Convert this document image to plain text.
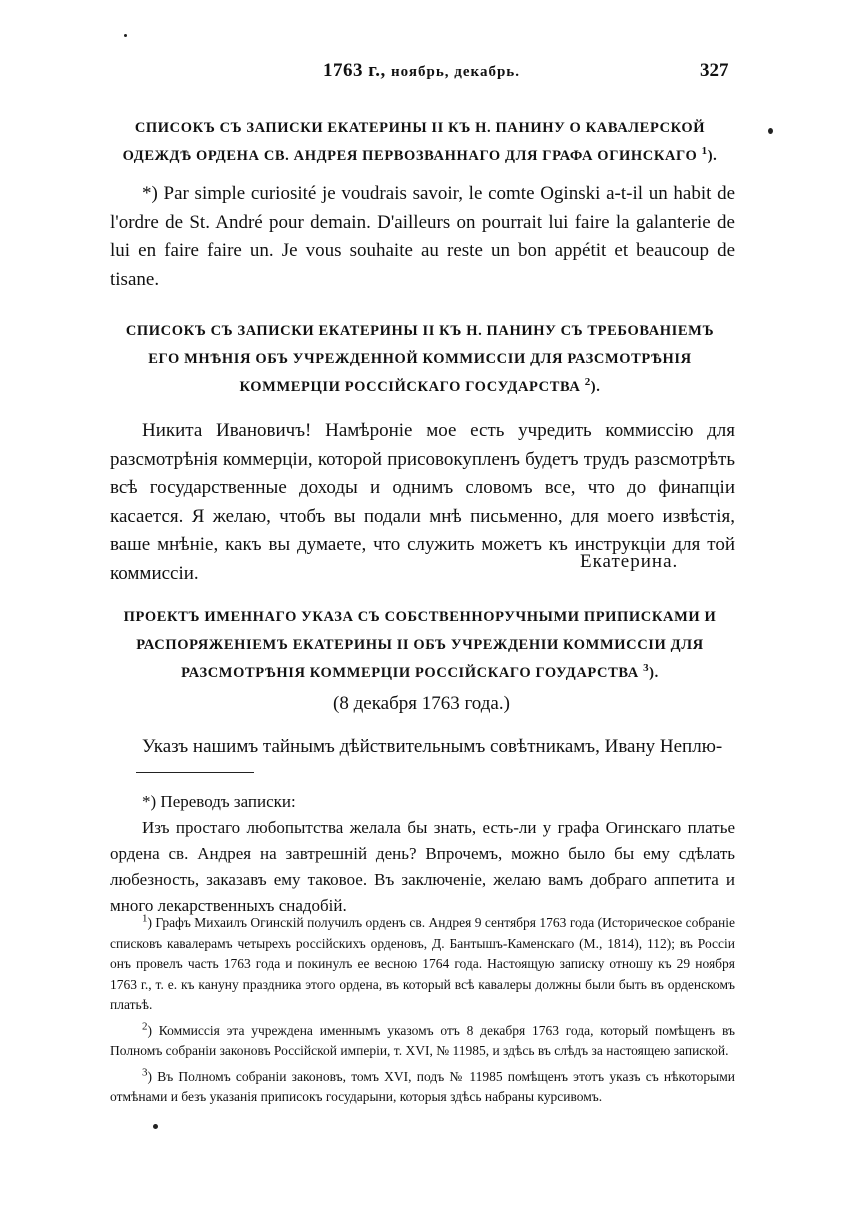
1763 г., ноябрь, декабрь.	327
СПИСОКЪ СЪ ЗАПИСКИ ЕКАТЕРИНЫ II КЪ Н. ПАНИНУ О КАВАЛЕРСКОЙ
ОДЕЖДѢ ОРДЕНА СВ. АНДРЕЯ ПЕРВОЗВАННАГО ДЛЯ ГРАФА ОГИНСКАГО $^1$).

*) Par simple curiosité je voudrais savoir, le comte Oginski a-t-il un habit de l'ordre de St. André pour demain. D'ailleurs on pourrait lui faire la galanterie de lui en faire faire un. Je vous souhaite au reste un bon appétit et beaucoup de tisane.

СПИСОКЪ СЪ ЗАПИСКИ ЕКАТЕРИНЫ II КЪ Н. ПАНИНУ СЪ ТРЕБОВАНІЕМЪ
ЕГО МНѢНІЯ ОБЪ УЧРЕЖДЕННОЙ КОММИССІИ ДЛЯ РАЗСМОТРѢНІЯ
КОММЕРЦІИ РОССІЙСКАГО ГОСУДАРСТВА $^2$).

Никита Ивановичъ! Намѣроніе мое есть учредить коммиссію для разсмотрѣнія коммерціи, которой присовокупленъ будетъ трудъ разсмотрѣть всѣ государственные доходы и однимъ словомъ все, что до финапціи касается. Я желаю, чтобъ вы подали мнѣ письменно, для моего извѣстія, ваше мнѣніе, какъ вы думаете, что служить можетъ къ инструкціи для той коммиссіи.

Екатерина.
ПРОЕКТЪ ИМЕННАГО УКАЗА СЪ СОБСТВЕННОРУЧНЫМИ ПРИПИСКАМИ И
РАСПОРЯЖЕНІЕМЪ ЕКАТЕРИНЫ II ОБЪ УЧРЕЖДЕНІИ КОММИССІИ ДЛЯ
РАЗСМОТРѢНІЯ КОММЕРЦІИ РОССІЙСКАГО ГОУДАРСТВА $^3$).
(8 декабря 1763 года.)

Указъ нашимъ тайнымъ дѣйствительнымъ совѣтникамъ, Ивану Неплю-

*) Переводъ записки:
Изъ простаго любопытства желала бы знать, есть-ли у графа Огинскаго платье ордена св. Андрея на завтрешній день? Впрочемъ, можно было бы ему сдѣлать любезность, заказавъ ему таковое. Въ заключеніе, желаю вамъ добраго аппетита и много лекарственныхъ снадобій.

$^1$) Графъ Михаилъ Огинскій получилъ орденъ св. Андрея 9 сентября 1763 года (Историческое собраніе списковъ кавалерамъ четырехъ россійскихъ орденовъ, Д. Бантышъ-Каменскаго (М., 1814), 112); въ Россіи онъ провелъ часть 1763 года и покинулъ ее весною 1764 года. Настоящую записку отношу къ 29 ноября 1763 г., т. е. къ кануну праздника этого ордена, въ который всѣ кавалеры должны были быть въ орденскомъ платьѣ.

$^2$) Коммиссія эта учреждена именнымъ указомъ отъ 8 декабря 1763 года, который помѣщенъ въ Полномъ собраніи законовъ Россійской имперіи, т. XVI, № 11985, и здѣсь въ слѣдъ за настоящею запиской.

$^3$) Въ Полномъ собраніи законовъ, томъ XVI, подъ № 11985 помѣщенъ этотъ указъ съ нѣкоторыми отмѣнами и безъ указанія приписокъ государыни, которыя здѣсь набраны курсивомъ.
